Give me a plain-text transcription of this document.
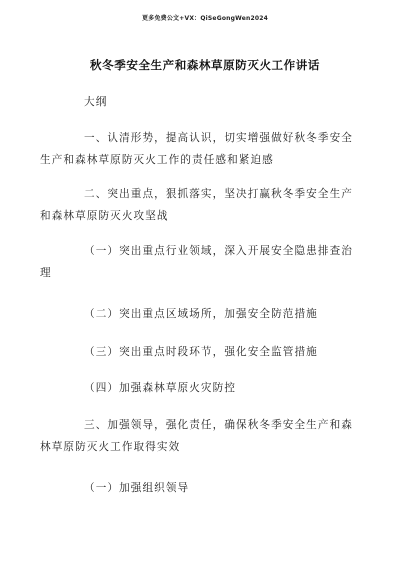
更多免费公文+VX：QiSeGongWen2024
秋冬季安全生产和森林草原防灭火工作讲话
大纲
一、认清形势，提高认识，切实增强做好秋冬季安全
生产和森林草原防灭火工作的责任感和紧迫感
二、突出重点，狠抓落实，坚决打赢秋冬季安全生产
和森林草原防灭火攻坚战
（一）突出重点行业领域，深入开展安全隐患排查治
理
（二）突出重点区域场所，加强安全防范措施
（三）突出重点时段环节，强化安全监管措施
（四）加强森林草原火灾防控
三、加强领导，强化责任，确保秋冬季安全生产和森
林草原防灭火工作取得实效
（一）加强组织领导
